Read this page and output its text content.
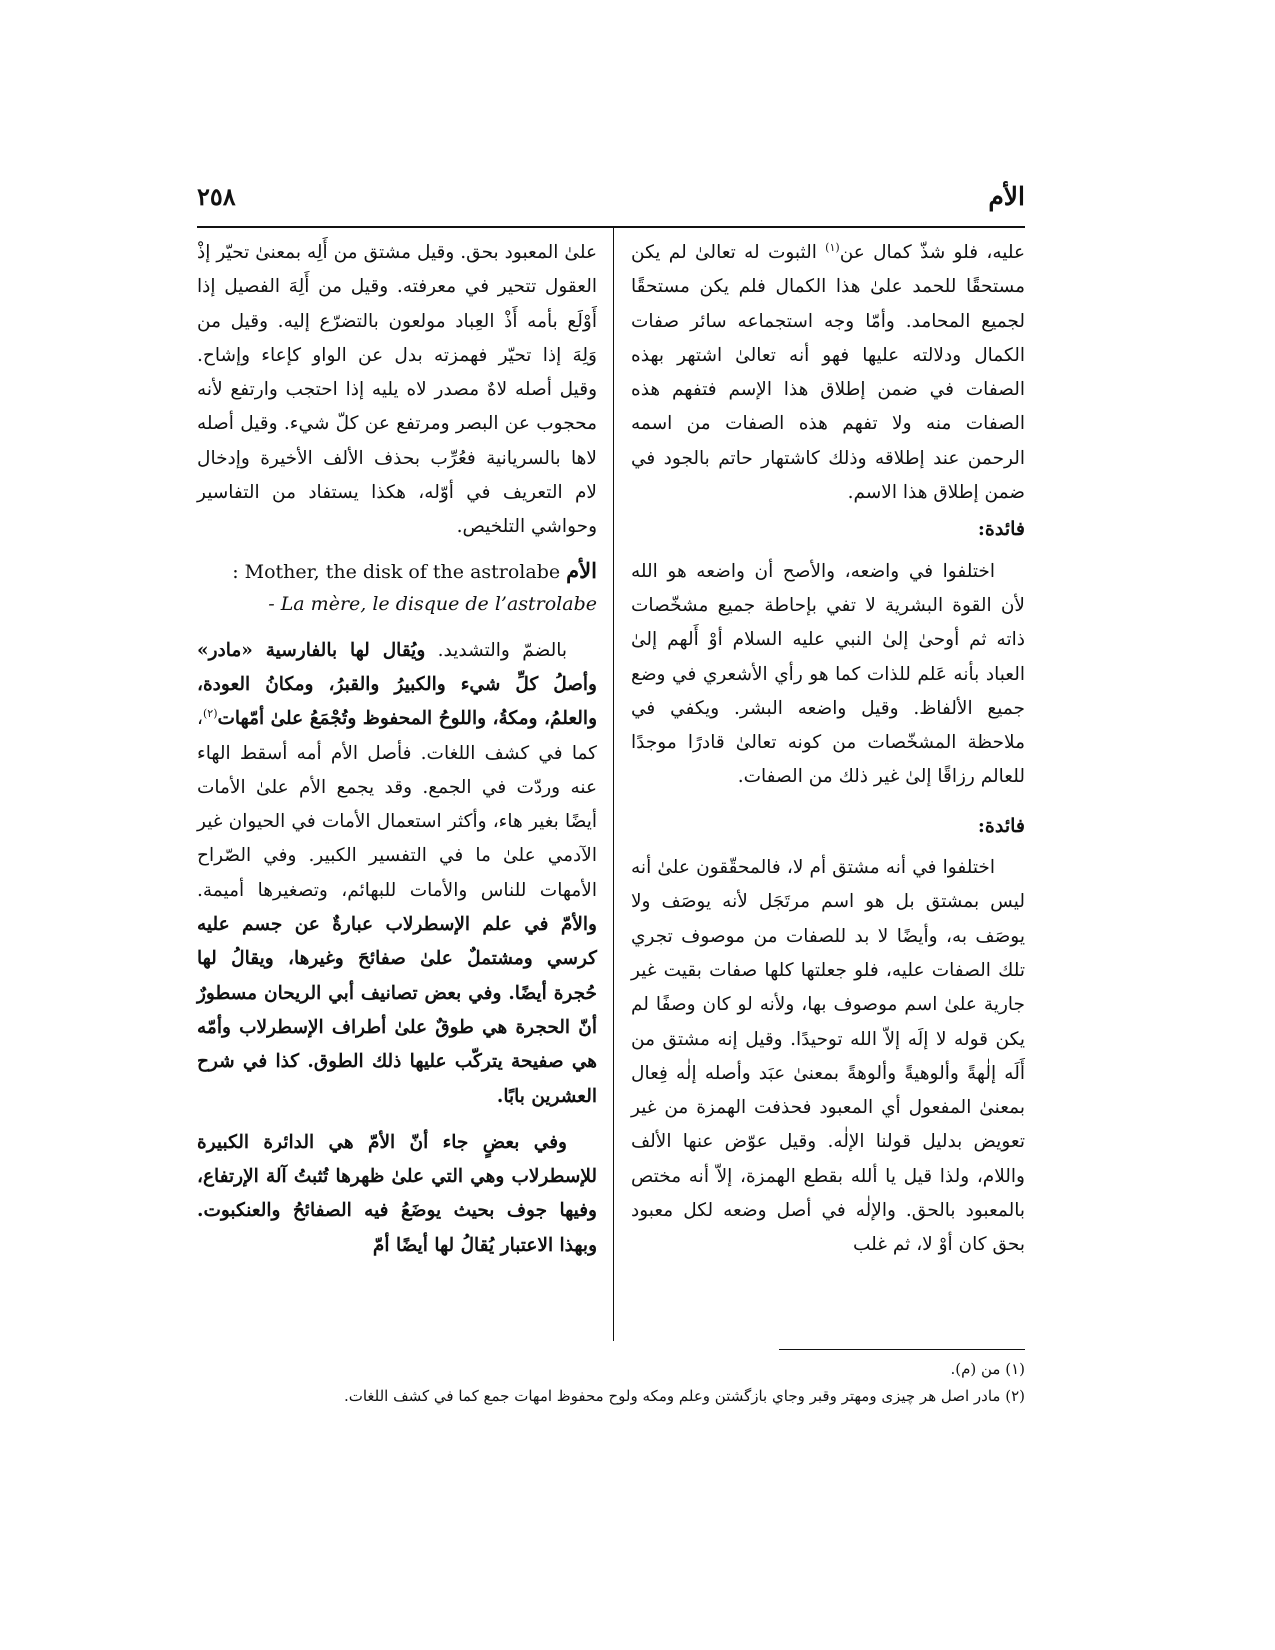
الأم
٢٥٨

عليه، فلو شذّ كمال عن$^{(١)}$ الثبوت له تعالىٰ لم يكن مستحقًا للحمد علىٰ هذا الكمال فلم يكن مستحقًا لجميع المحامد. وأمّا وجه استجماعه سائر صفات الكمال ودلالته عليها فهو أنه تعالىٰ اشتهر بهذه الصفات في ضمن إطلاق هذا الإسم فتفهم هذه الصفات منه ولا تفهم هذه الصفات من اسمه الرحمن عند إطلاقه وذلك كاشتهار حاتم بالجود في ضمن إطلاق هذا الاسم.

فائدة:

اختلفوا في واضعه، والأصح أن واضعه هو الله لأن القوة البشرية لا تفي بإحاطة جميع مشخّصات ذاته ثم أوحىٰ إلىٰ النبي عليه السلام أوْ أَلهم إلىٰ العباد بأنه عَلم للذات كما هو رأي الأشعري في وضع جميع الألفاظ. وقيل واضعه البشر. ويكفي في ملاحظة المشخّصات من كونه تعالىٰ قادرًا موجدًا للعالم رزاقًا إلىٰ غير ذلك من الصفات.

فائدة:

اختلفوا في أنه مشتق أم لا، فالمحقّقون علىٰ أنه ليس بمشتق بل هو اسم مرتَجَل لأنه يوصَف ولا يوصَف به، وأيضًا لا بد للصفات من موصوف تجري تلك الصفات عليه، فلو جعلتها كلها صفات بقيت غير جارية علىٰ اسم موصوف بها، ولأنه لو كان وصفًا لم يكن قوله لا إلَه إلاّ الله توحيدًا. وقيل إنه مشتق من أَلَه إلٰهةً وألوهيةً وألوهةً بمعنىٰ عبَد وأصله إلٰه فِعال بمعنىٰ المفعول أي المعبود فحذفت الهمزة من غير تعويض بدليل قولنا الإلٰه. وقيل عوّض عنها الألف واللام، ولذا قيل يا ألله بقطع الهمزة، إلاّ أنه مختص بالمعبود بالحق. والإلٰه في أصل وضعه لكل معبود بحق كان أوْ لا، ثم غلب

علىٰ المعبود بحق. وقيل مشتق من أَلِه بمعنىٰ تحيّر إذْ العقول تتحير في معرفته. وقيل من أَلِهَ الفصيل إذا أَوْلَع بأمه أَذْ العِباد مولعون بالتضرّع إليه. وقيل من وَلِهَ إذا تحيّر فهمزته بدل عن الواو كإعاء وإشاح. وقيل أصله لاهٌ مصدر لاه يليه إذا احتجب وارتفع لأنه محجوب عن البصر ومرتفع عن كلّ شيء. وقيل أصله لاها بالسريانية فعُرِّب بحذف الألف الأخيرة وإدخال لام التعريف في أوّله، هكذا يستفاد من التفاسير وحواشي التلخيص.

: Mother, the disk of the astrolabe الأم
- La mère, le disque de l’astrolabe

بالضمّ والتشديد. ويُقال لها بالفارسية «مادر» وأصلُ كلِّ شيء والكبيرُ والقبرُ، ومكانُ العودة، والعلمُ، ومكةُ، واللوحُ المحفوظ وتُجْمَعُ علىٰ أمّهات$^{(٢)}$، كما في كشف اللغات. فأصل الأم أمه أسقط الهاء عنه وردّت في الجمع. وقد يجمع الأم علىٰ الأمات أيضًا بغير هاء، وأكثر استعمال الأمات في الحيوان غير الآدمي علىٰ ما في التفسير الكبير. وفي الصّراح الأمهات للناس والأمات للبهائم، وتصغيرها أميمة. والأمّ في علم الإسطرلاب عبارةٌ عن جسم عليه كرسي ومشتملٌ علىٰ صفائحَ وغيرها، ويقالُ لها حُجرة أيضًا. وفي بعض تصانيف أبي الريحان مسطورٌ أنّ الحجرة هي طوقٌ علىٰ أطراف الإسطرلاب وأمّه هي صفيحة يتركّب عليها ذلك الطوق. كذا في شرح العشرين بابًا.

وفي بعضٍ جاء أنّ الأمّ هي الدائرة الكبيرة للإسطرلاب وهي التي علىٰ ظهرها تُثبتُ آلة الإرتفاع، وفيها جوف بحيث يوضَعُ فيه الصفائحُ والعنكبوت. وبهذا الاعتبار يُقالُ لها أيضًا أمّ

(١) من (م).
(٢) مادر اصل هر چيزى ومهتر وقبر وجاي بازگشتن وعلم ومكه ولوح محفوظ امهات جمع كما في كشف اللغات.
